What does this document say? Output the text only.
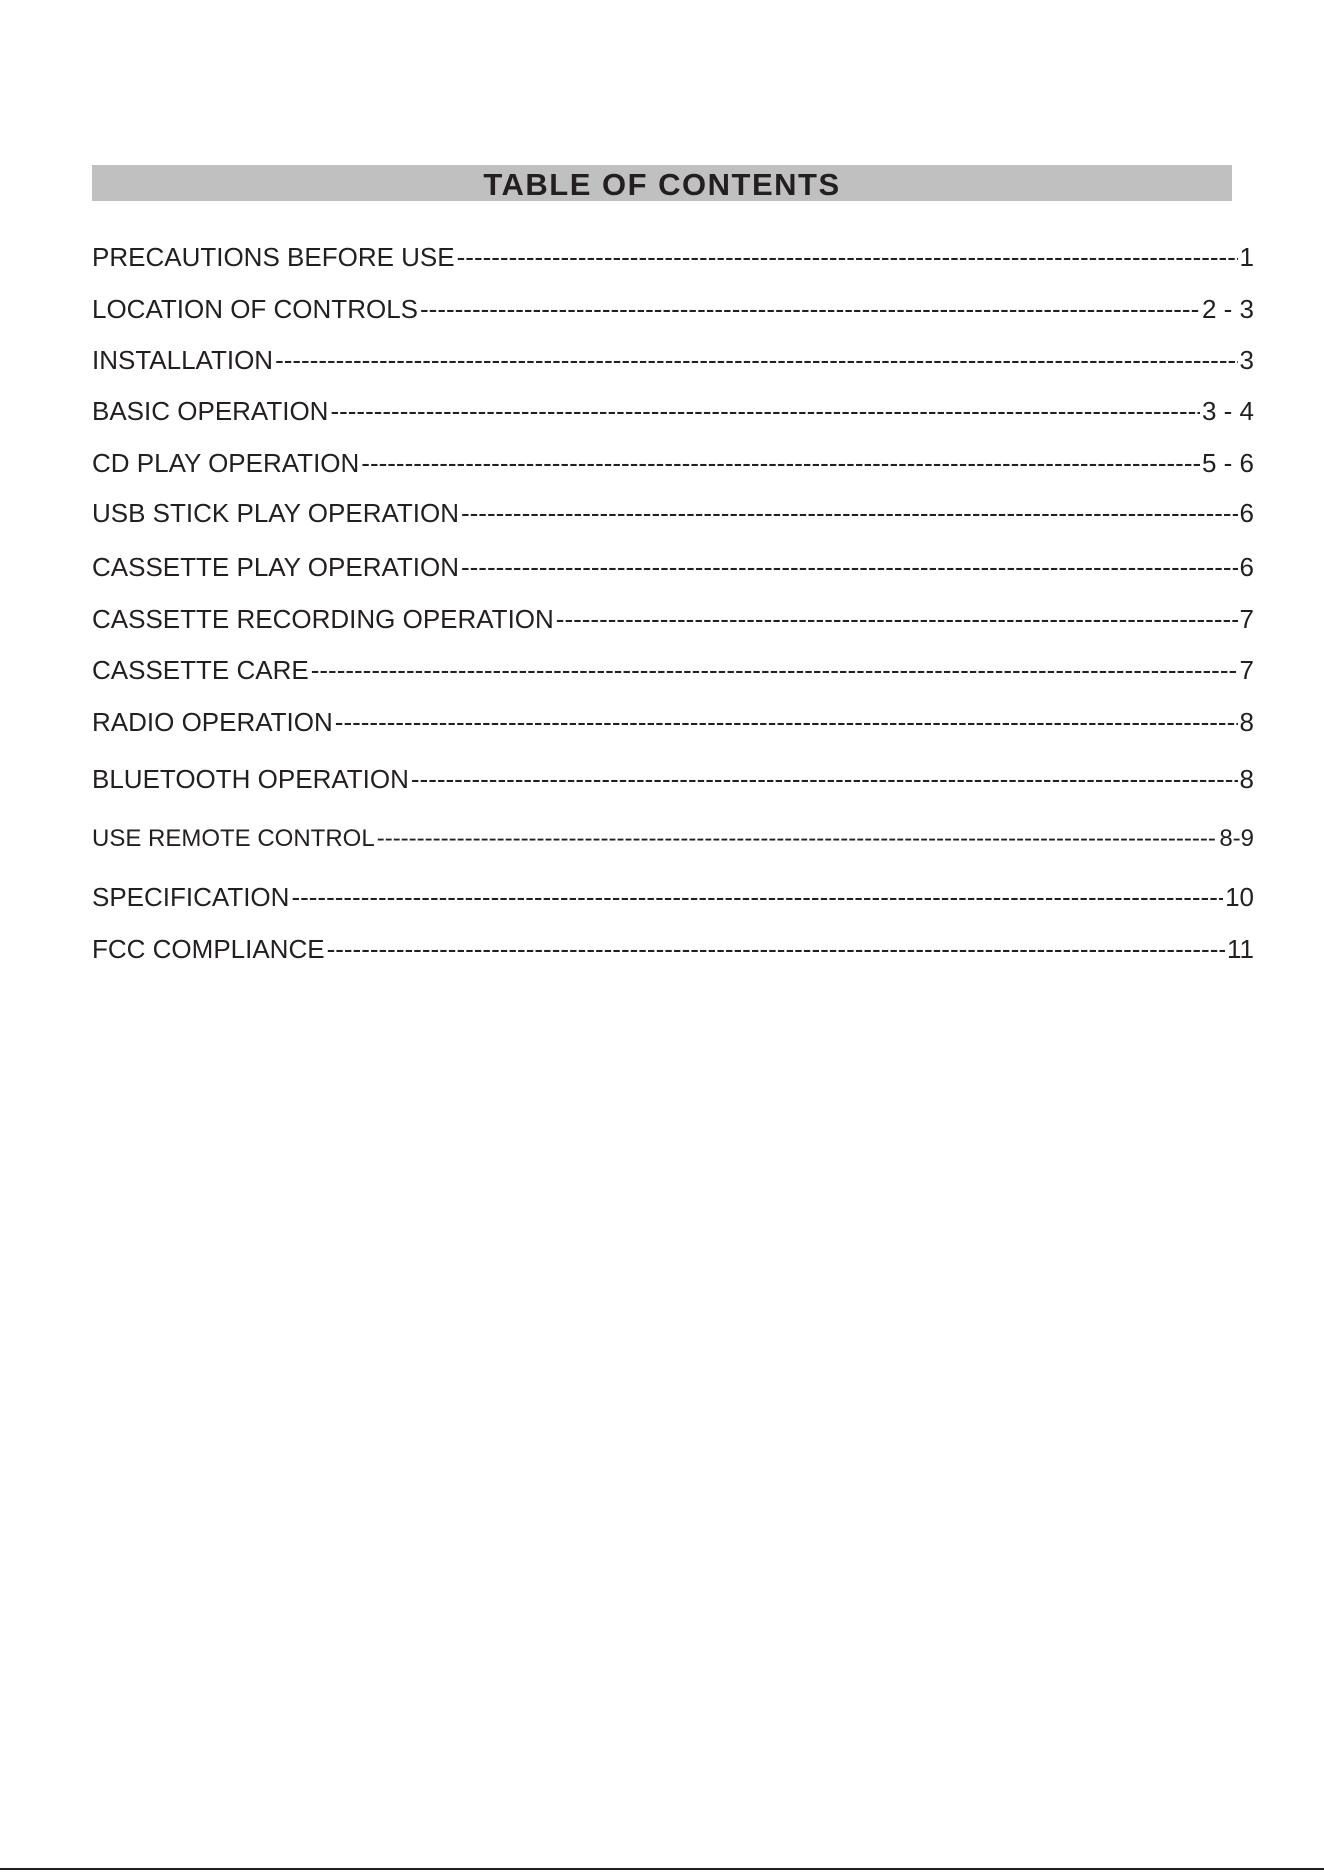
TABLE OF CONTENTS
PRECAUTIONS BEFORE USE -----	1
LOCATION OF CONTROLS -----	2 - 3
INSTALLATION -----	3
BASIC OPERATION -----	3 - 4
CD PLAY OPERATION -----	5 - 6
USB STICK PLAY OPERATION -----	6
CASSETTE PLAY OPERATION -----	6
CASSETTE RECORDING OPERATION -----	7
CASSETTE CARE -----	7
RADIO OPERATION -----	8
BLUETOOTH OPERATION -----	8
USE REMOTE CONTROL -----	8-9
SPECIFICATION -----	10
FCC COMPLIANCE -----	11
